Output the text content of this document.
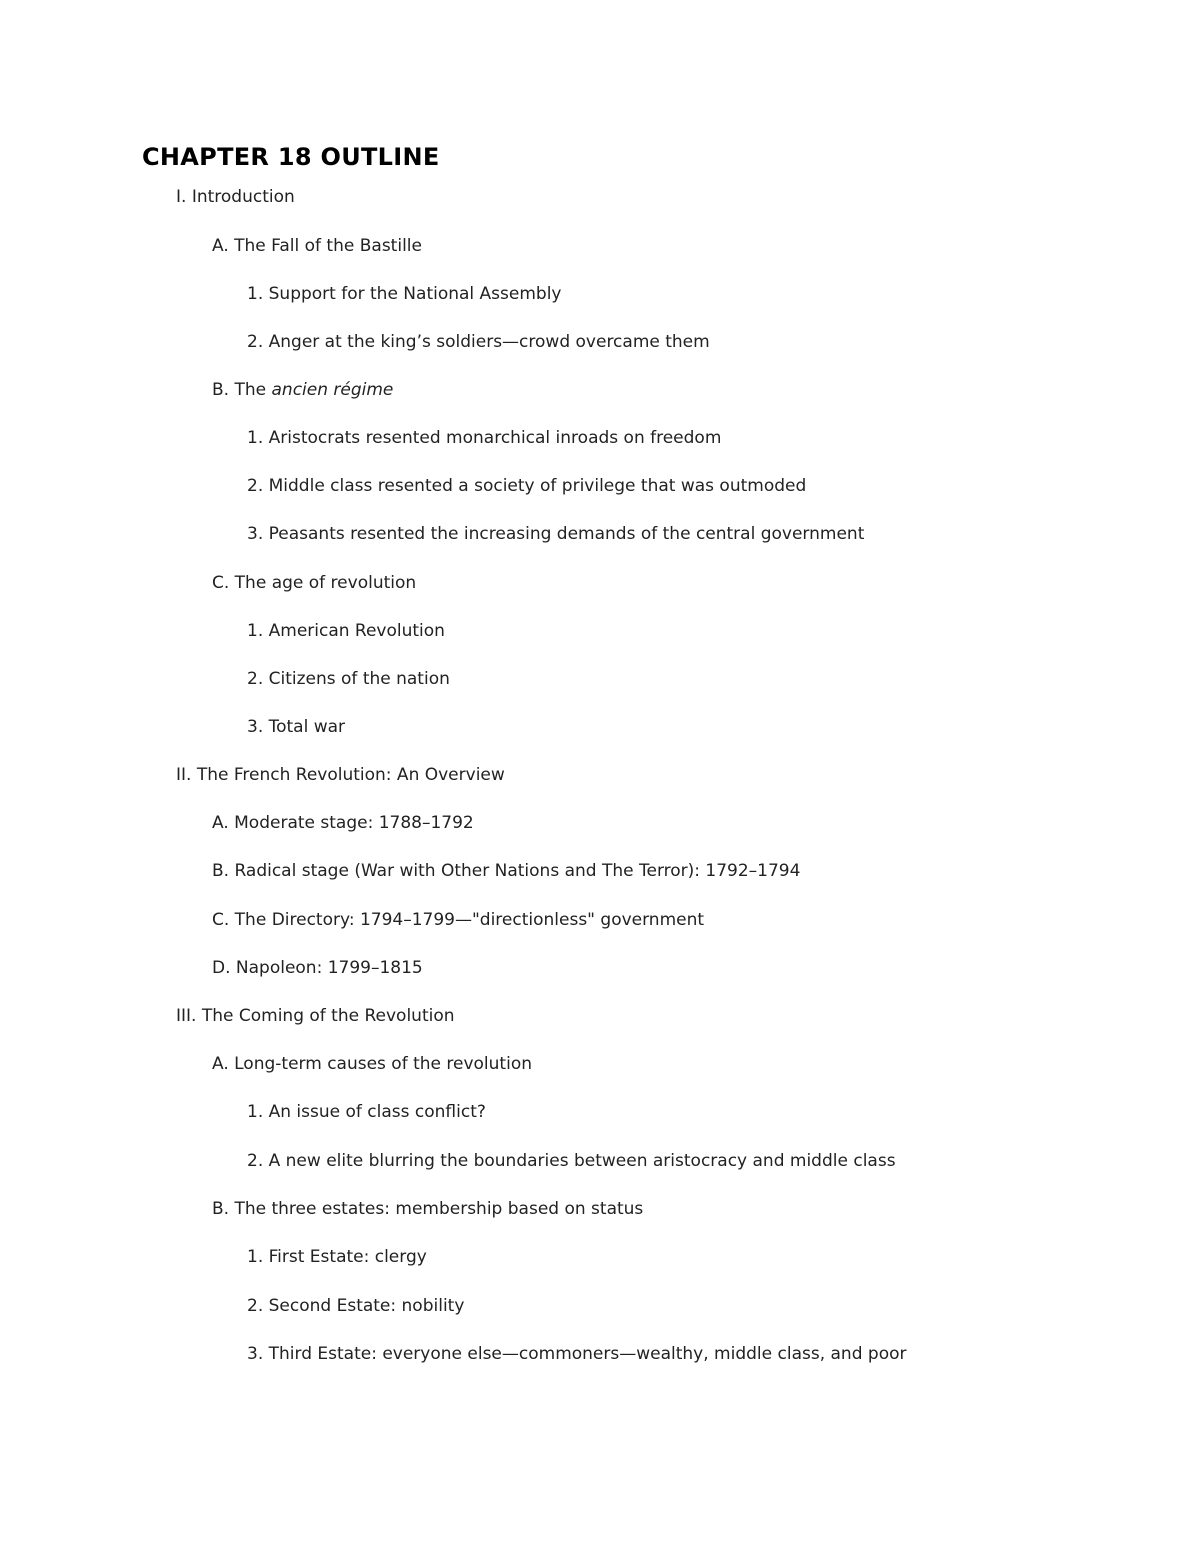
CHAPTER 18 OUTLINE
I. Introduction
A. The Fall of the Bastille
1. Support for the National Assembly
2. Anger at the king’s soldiers—crowd overcame them
B. The ancien régime
1. Aristocrats resented monarchical inroads on freedom
2. Middle class resented a society of privilege that was outmoded
3. Peasants resented the increasing demands of the central government
C. The age of revolution
1. American Revolution
2. Citizens of the nation
3. Total war
II. The French Revolution: An Overview
A. Moderate stage: 1788–1792
B. Radical stage (War with Other Nations and The Terror): 1792–1794
C. The Directory: 1794–1799—"directionless" government
D. Napoleon: 1799–1815
III. The Coming of the Revolution
A. Long-term causes of the revolution
1. An issue of class conflict?
2. A new elite blurring the boundaries between aristocracy and middle class
B. The three estates: membership based on status
1. First Estate: clergy
2. Second Estate: nobility
3. Third Estate: everyone else—commoners—wealthy, middle class, and poor
